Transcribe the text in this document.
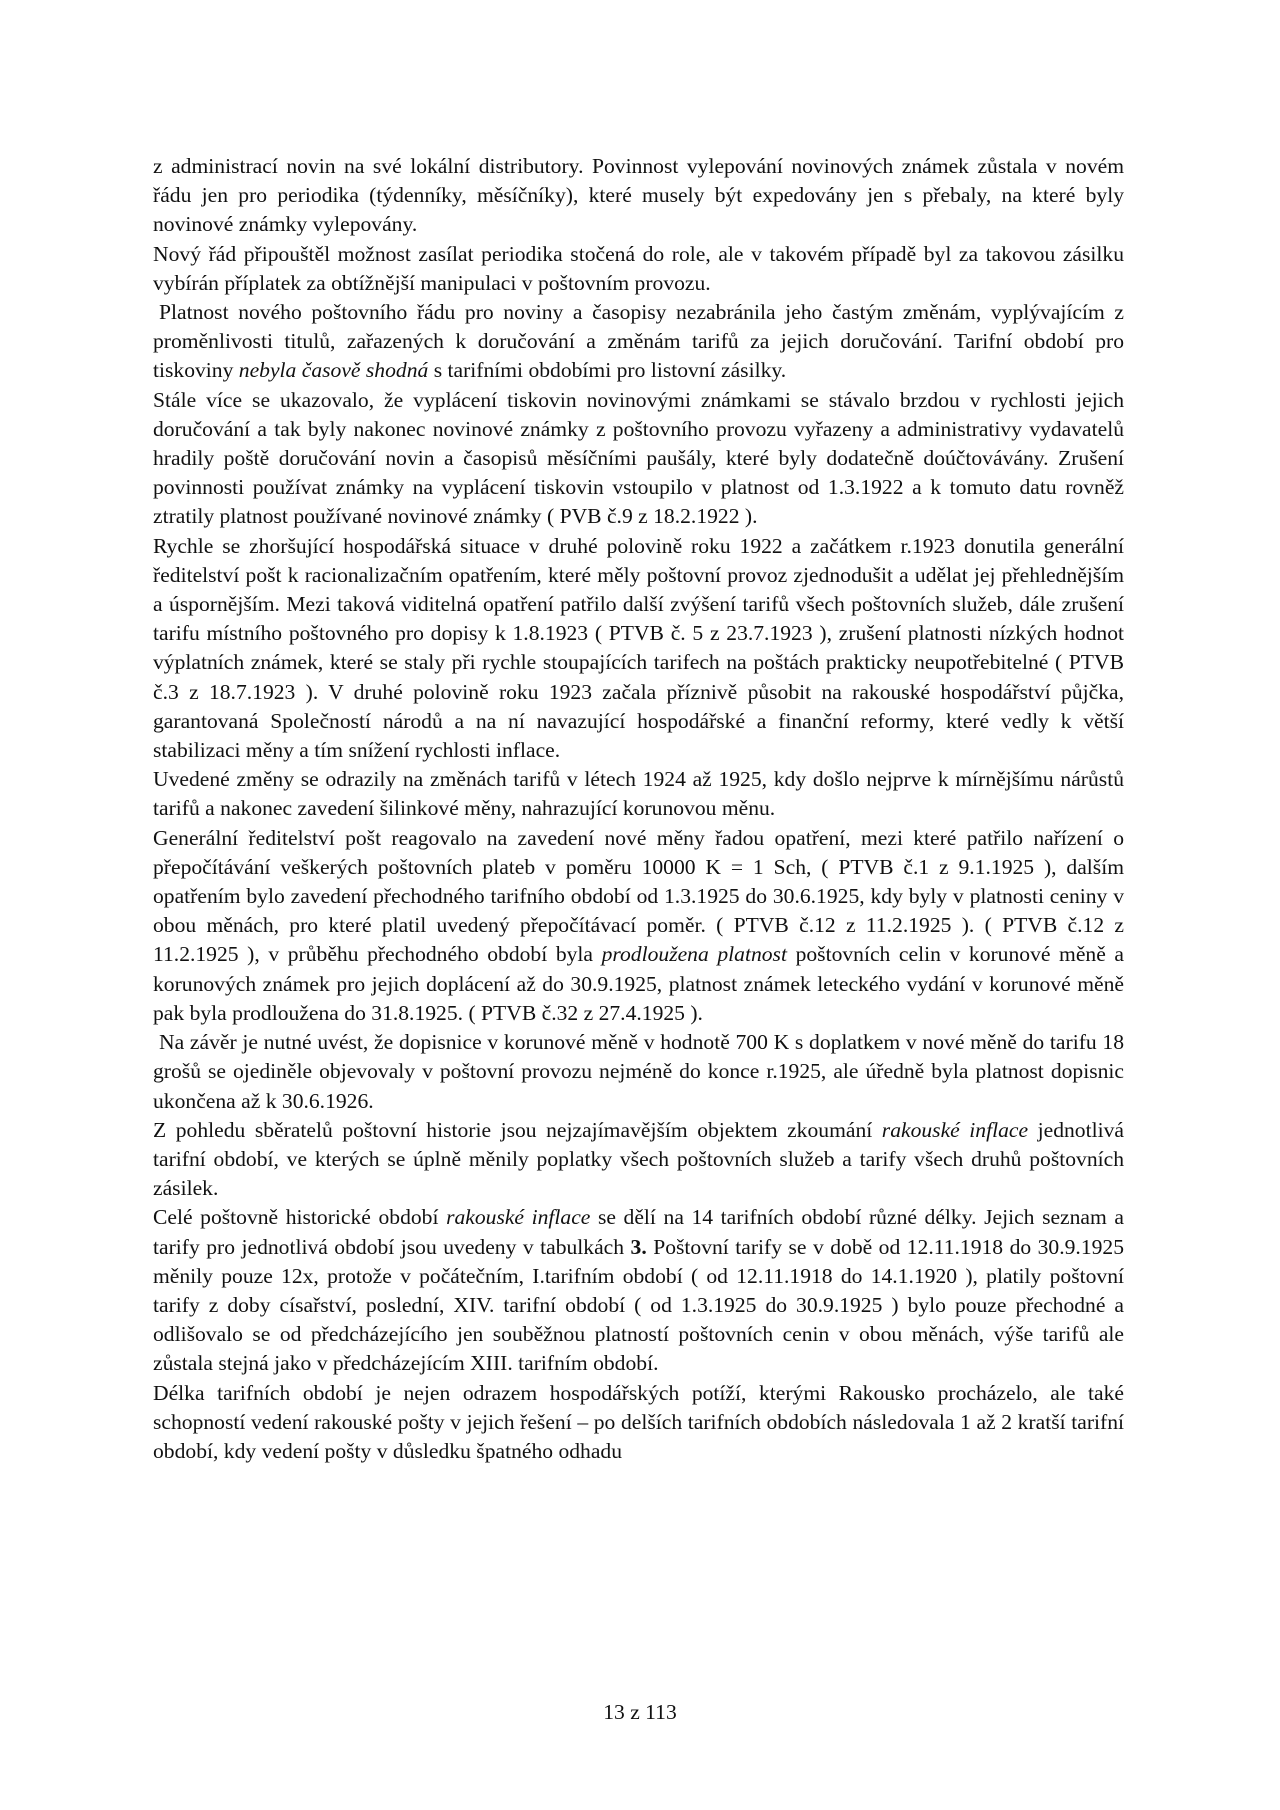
z administrací novin na své lokální distributory. Povinnost vylepování novinových známek zůstala v novém řádu jen pro periodika (týdenníky, měsíčníky), které musely být expedovány jen s přebaly, na které byly novinové známky vylepovány.

Nový řád připouštěl možnost zasílat periodika stočená do role, ale v takovém případě byl za takovou zásilku vybírán příplatek za obtížnější manipulaci v poštovním provozu.

Platnost nového poštovního řádu pro noviny a časopisy nezabránila jeho častým změnám, vyplývajícím z proměnlivosti titulů, zařazených k doručování a změnám tarifů za jejich doručování. Tarifní období pro tiskoviny nebyla časově shodná s tarifními obdobími pro listovní zásilky.

Stále více se ukazovalo, že vyplácení tiskovin novinovými známkami se stávalo brzdou v rychlosti jejich doručování a tak byly nakonec novinové známky z poštovního provozu vyřazeny a administrativy vydavatelů hradily poště doručování novin a časopisů měsíčními paušály, které byly dodatečně doúčtovávány. Zrušení povinnosti používat známky na vyplácení tiskovin vstoupilo v platnost od 1.3.1922 a k tomuto datu rovněž ztratily platnost používané novinové známky ( PVB č.9 z 18.2.1922 ).

Rychle se zhoršující hospodářská situace v druhé polovině roku 1922 a začátkem r.1923 donutila generální ředitelství pošt k racionalizačním opatřením, které měly poštovní provoz zjednodušit a udělat jej přehlednějším a úspornějším. Mezi taková viditelná opatření patřilo další zvýšení tarifů všech poštovních služeb, dále zrušení tarifu místního poštovného pro dopisy k 1.8.1923 ( PTVB č. 5 z 23.7.1923 ), zrušení platnosti nízkých hodnot výplatních známek, které se staly při rychle stoupajících tarifech na poštách prakticky neupotřebitelné ( PTVB č.3 z 18.7.1923 ). V druhé polovině roku 1923 začala příznivě působit na rakouské hospodářství půjčka, garantovaná Společností národů a na ní navazující hospodářské a finanční reformy, které vedly k větší stabilizaci měny a tím snížení rychlosti inflace.

Uvedené změny se odrazily na změnách tarifů v létech 1924 až 1925, kdy došlo nejprve k mírnějšímu nárůstů tarifů a nakonec zavedení šilinkové měny, nahrazující korunovou měnu.

Generální ředitelství pošt reagovalo na zavedení nové měny řadou opatření, mezi které patřilo nařízení o přepočítávání veškerých poštovních plateb v poměru 10000 K = 1 Sch, ( PTVB č.1 z 9.1.1925 ), dalším opatřením bylo zavedení přechodného tarifního období od 1.3.1925 do 30.6.1925, kdy byly v platnosti ceniny v obou měnách, pro které platil uvedený přepočítávací poměr. ( PTVB č.12 z 11.2.1925 ). ( PTVB č.12 z 11.2.1925 ), v průběhu přechodného období byla prodloužena platnost poštovních celin v korunové měně a korunových známek pro jejich doplácení až do 30.9.1925, platnost známek leteckého vydání v korunové měně pak byla prodloužena do 31.8.1925. ( PTVB č.32 z 27.4.1925 ).

Na závěr je nutné uvést, že dopisnice v korunové měně v hodnotě 700 K s doplatkem v nové měně do tarifu 18 grošů se ojediněle objevovaly v poštovní provozu nejméně do konce r.1925, ale úředně byla platnost dopisnic ukončena až k 30.6.1926.

Z pohledu sběratelů poštovní historie jsou nejzajímavějším objektem zkoumání rakouské inflace jednotlivá tarifní období, ve kterých se úplně měnily poplatky všech poštovních služeb a tarify všech druhů poštovních zásilek.

Celé poštovně historické období rakouské inflace se dělí na 14 tarifních období různé délky. Jejich seznam a tarify pro jednotlivá období jsou uvedeny v tabulkách 3. Poštovní tarify se v době od 12.11.1918 do 30.9.1925 měnily pouze 12x, protože v počátečním, I.tarifním období ( od 12.11.1918 do 14.1.1920 ), platily poštovní tarify z doby císařství, poslední, XIV. tarifní období ( od 1.3.1925 do 30.9.1925 ) bylo pouze přechodné a odlišovalo se od předcházejícího jen souběžnou platností poštovních cenin v obou měnách, výše tarifů ale zůstala stejná jako v předcházejícím XIII. tarifním období.

Délka tarifních období je nejen odrazem hospodářských potíží, kterými Rakousko procházelo, ale také schopností vedení rakouské pošty v jejich řešení – po delších tarifních obdobích následovala 1 až 2 kratší tarifní období, kdy vedení pošty v důsledku špatného odhadu

13 z 113
